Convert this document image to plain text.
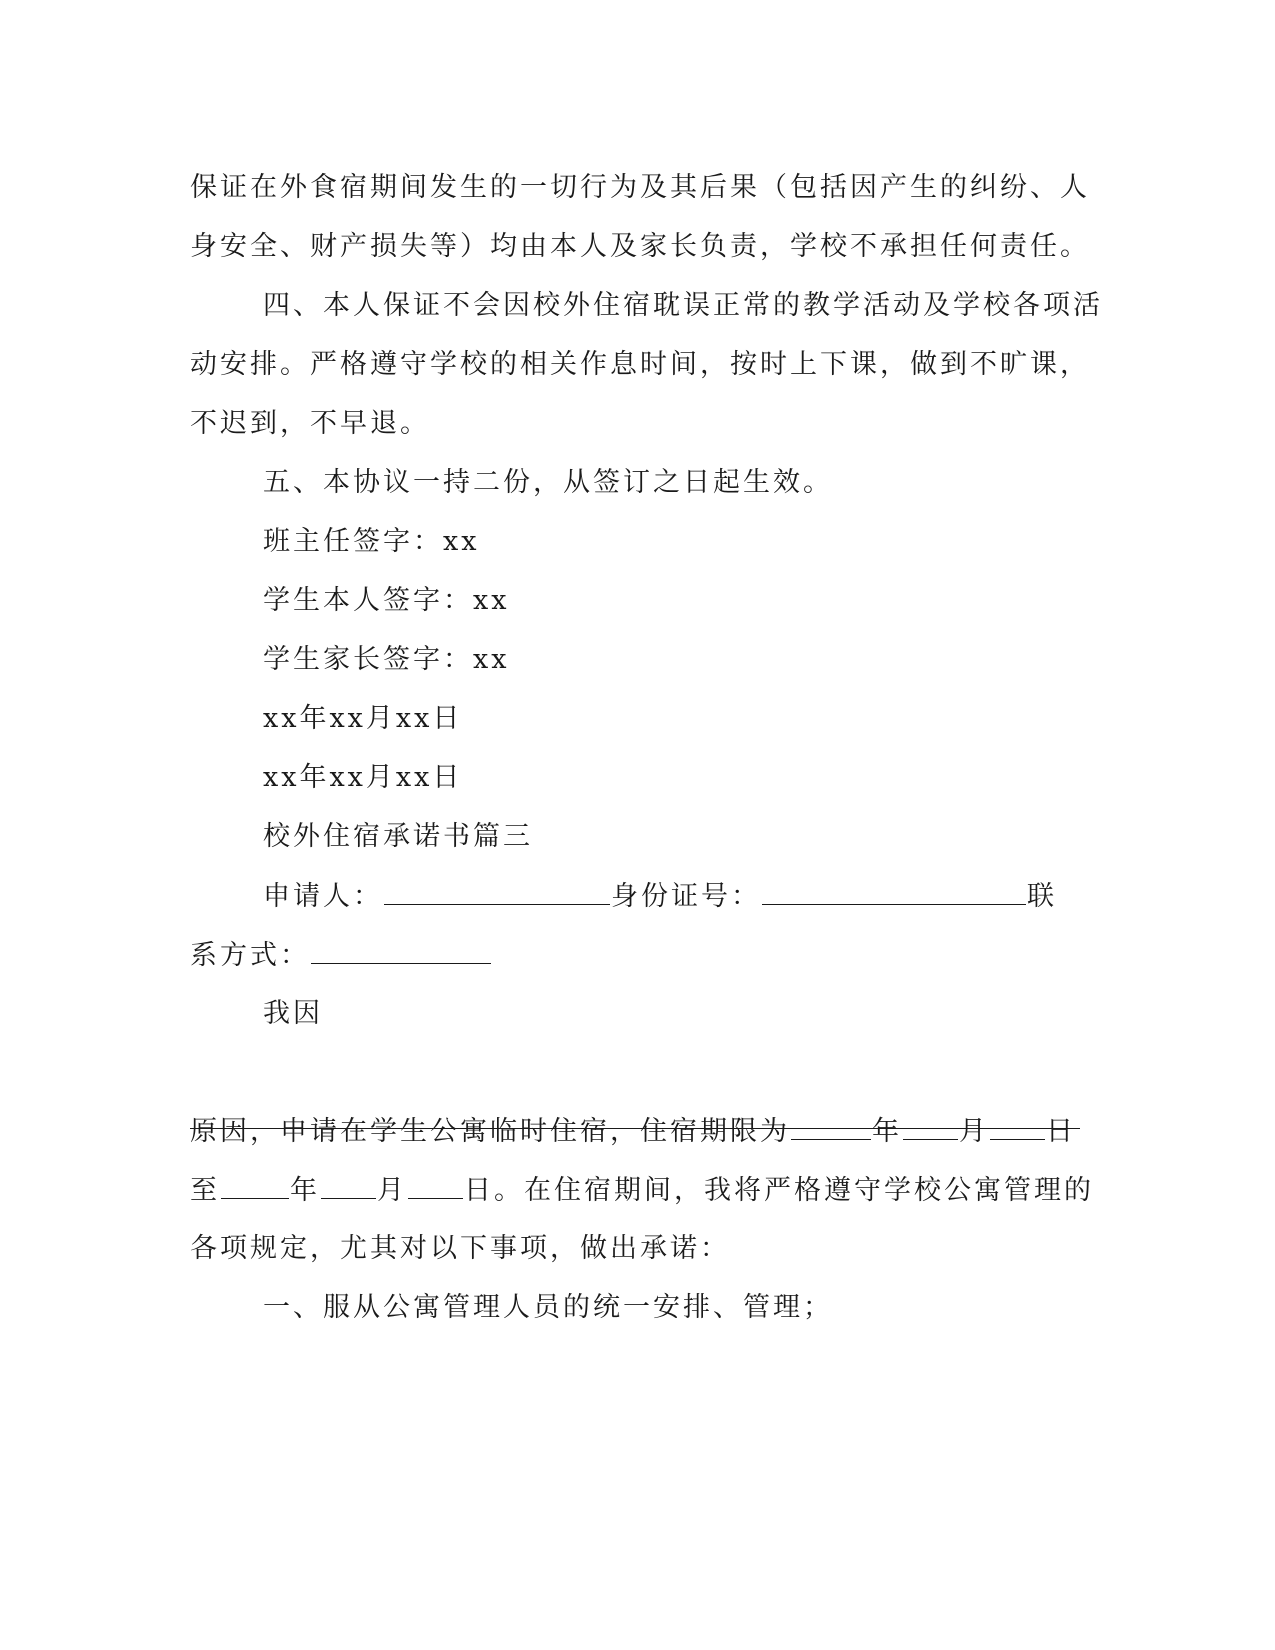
保证在外食宿期间发生的一切行为及其后果（包括因产生的纠纷、人
身安全、财产损失等）均由本人及家长负责，学校不承担任何责任。
四、本人保证不会因校外住宿耽误正常的教学活动及学校各项活
动安排。严格遵守学校的相关作息时间，按时上下课，做到不旷课，
不迟到，不早退。
五、本协议一持二份，从签订之日起生效。
班主任签字：xx
学生本人签字：xx
学生家长签字：xx
xx年xx月xx日
xx年xx月xx日
校外住宿承诺书篇三
申请人：	身份证号：	联
系方式：
我因
原因，申请在学生公寓临时住宿，住宿期限为	年 月 日
至	年 月 日。在住宿期间，我将严格遵守学校公寓管理的
各项规定，尤其对以下事项，做出承诺：
一、服从公寓管理人员的统一安排、管理；
